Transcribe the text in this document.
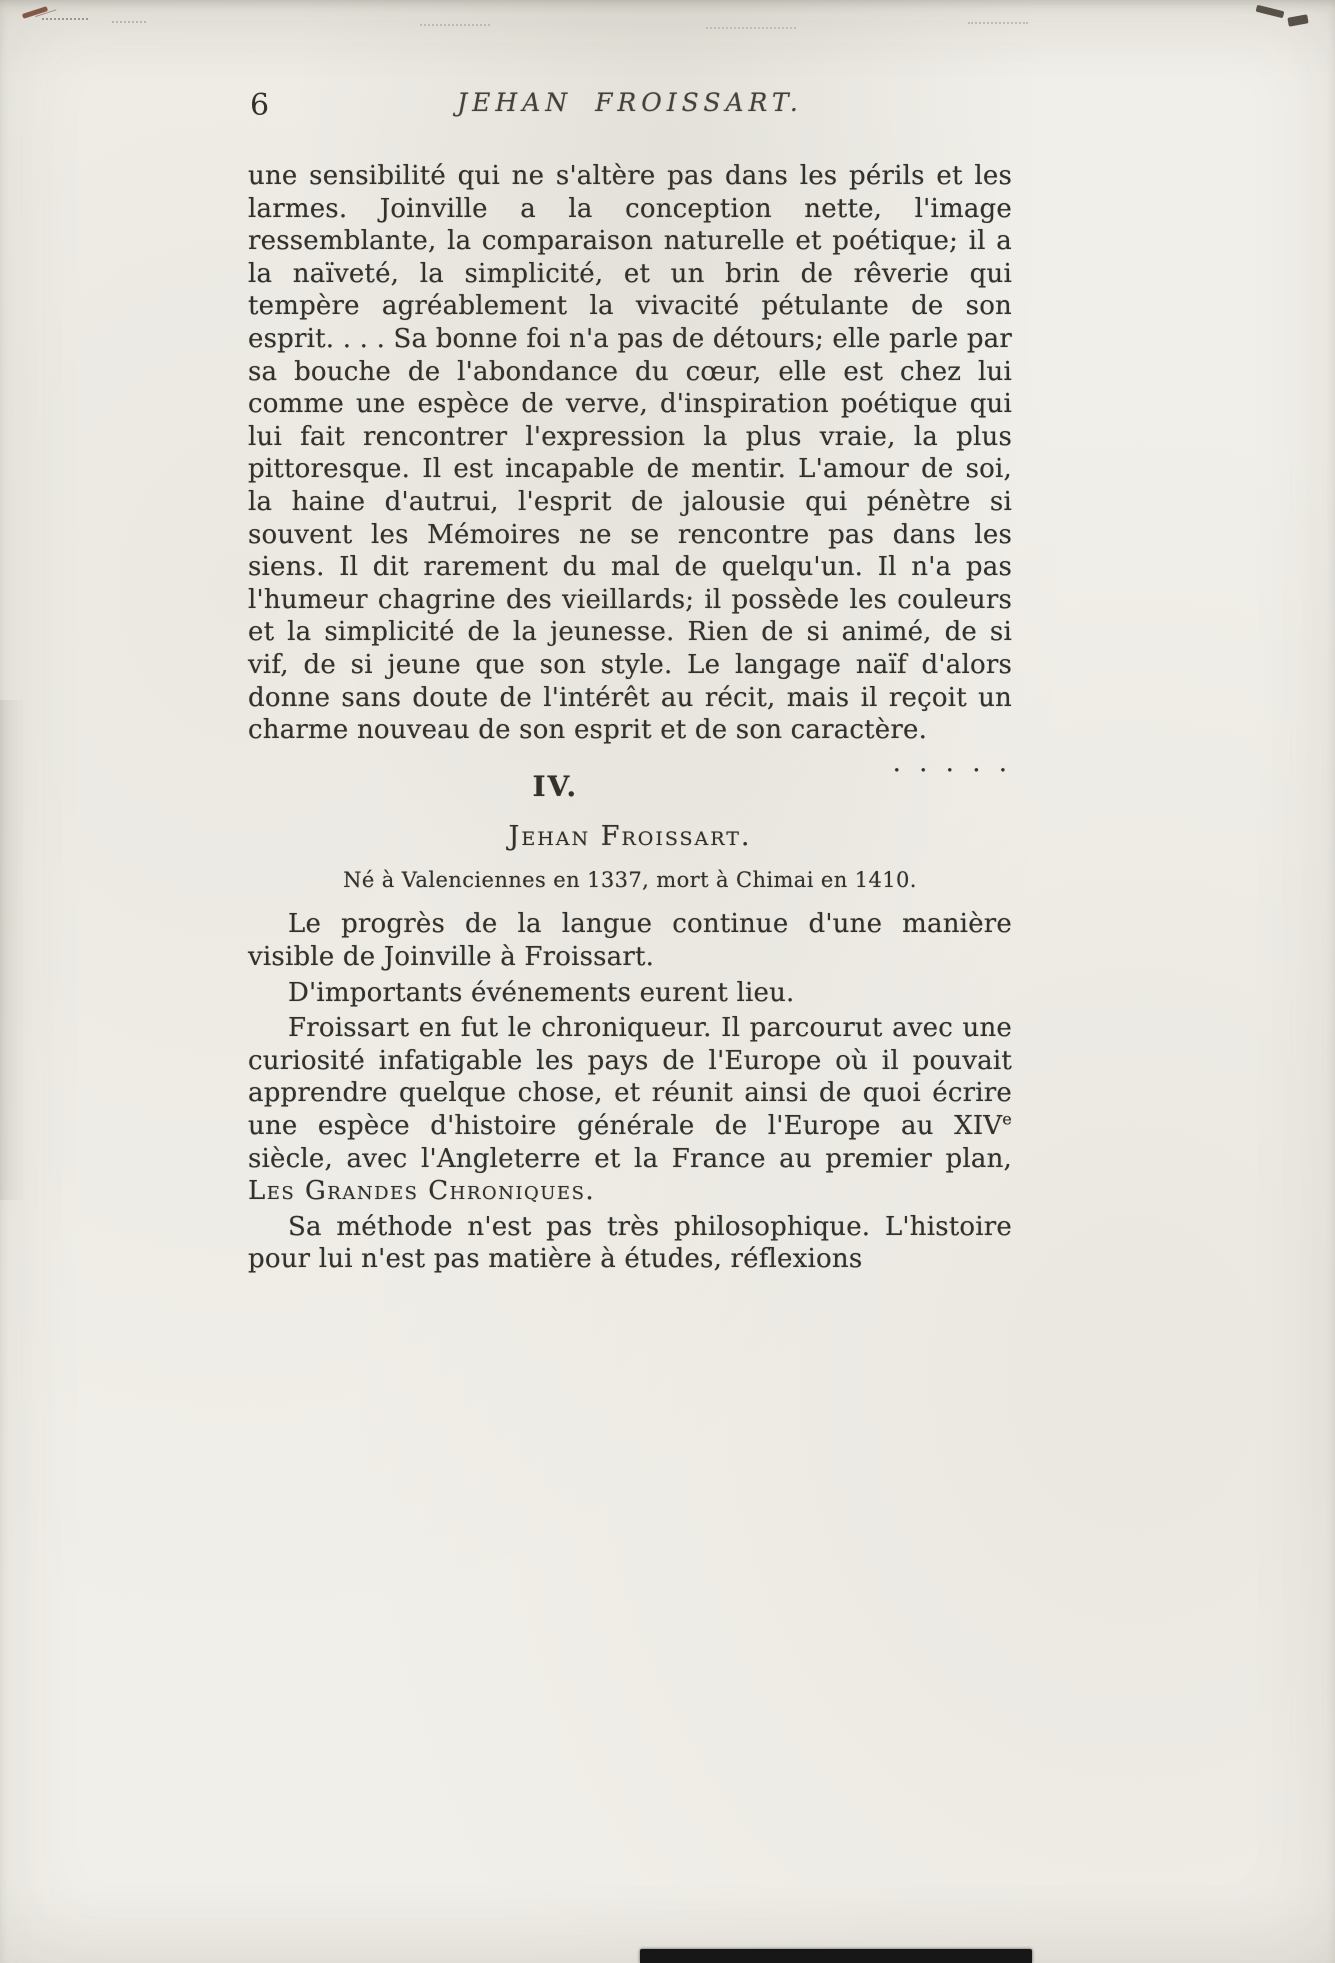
6	JEHAN FROISSART.

une sensibilité qui ne s'altère pas dans les périls et les larmes. Joinville a la conception nette, l'image ressemblante, la comparaison naturelle et poétique; il a la naïveté, la simplicité, et un brin de rêverie qui tempère agréablement la vivacité pétulante de son esprit. . . . Sa bonne foi n'a pas de détours; elle parle par sa bouche de l'abondance du cœur, elle est chez lui comme une espèce de verve, d'inspiration poétique qui lui fait rencontrer l'expression la plus vraie, la plus pittoresque. Il est incapable de mentir. L'amour de soi, la haine d'autrui, l'esprit de jalousie qui pénètre si souvent les Mémoires ne se rencontre pas dans les siens. Il dit rarement du mal de quelqu'un. Il n'a pas l'humeur chagrine des vieillards; il possède les couleurs et la simplicité de la jeunesse. Rien de si animé, de si vif, de si jeune que son style. Le langage naïf d'alors donne sans doute de l'intérêt au récit, mais il reçoit un charme nouveau de son esprit et de son caractère.
. . . . .

IV.
Jehan Froissart.

Né à Valenciennes en 1337, mort à Chimai en 1410.

Le progrès de la langue continue d'une manière visible de Joinville à Froissart.

D'importants événements eurent lieu.

Froissart en fut le chroniqueur. Il parcourut avec une curiosité infatigable les pays de l'Europe où il pouvait apprendre quelque chose, et réunit ainsi de quoi écrire une espèce d'histoire générale de l'Europe au XIVe siècle, avec l'Angleterre et la France au premier plan, Les Grandes Chroniques.

Sa méthode n'est pas très philosophique. L'histoire pour lui n'est pas matière à études, réflexions
